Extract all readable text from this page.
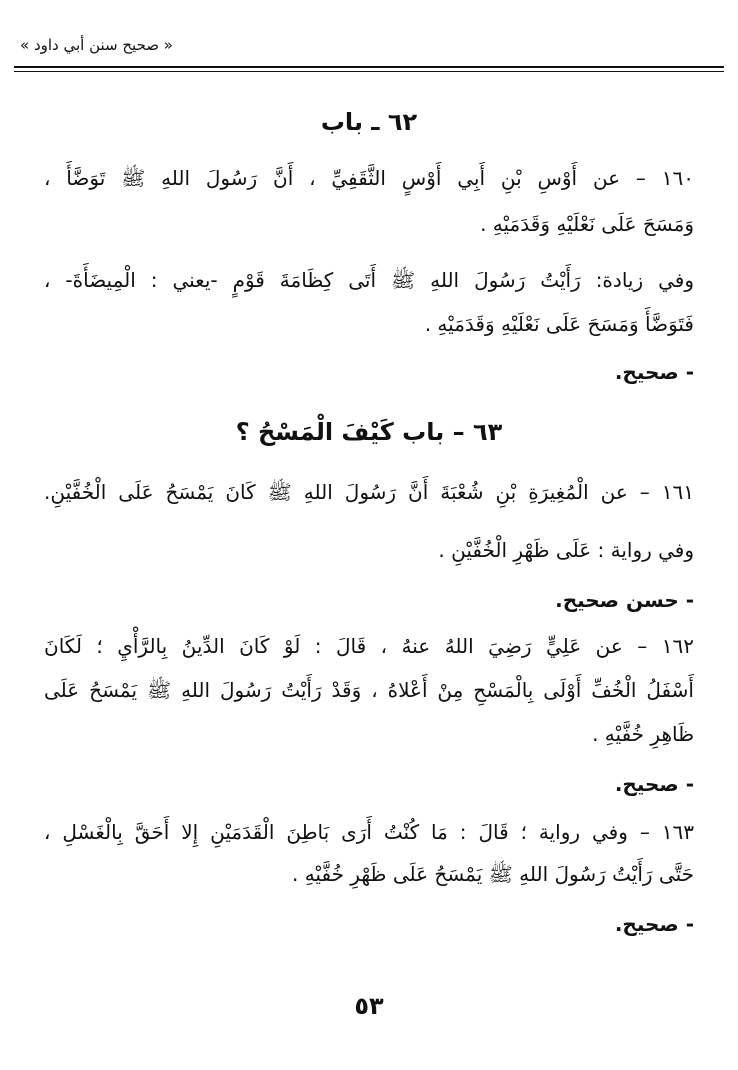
« صحيح سنن أبي داود »
٦٢ ـ باب
١٦٠ – عن أَوْسِ بْنِ أَبِي أَوْسٍ الثَّقَفِيِّ ، أَنَّ رَسُولَ اللهِ ﷺ تَوَضَّأَ ،
وَمَسَحَ عَلَى نَعْلَيْهِ وَقَدَمَيْهِ .
وفي زيادة: رَأَيْتُ رَسُولَ اللهِ ﷺ أَتَى كِظَامَةَ قَوْمٍ -يعني : الْمِيضَأَةَ- ،
فَتَوَضَّأَ وَمَسَحَ عَلَى نَعْلَيْهِ وَقَدَمَيْهِ .
- صحيح.
٦٣ – باب كَيْفَ الْمَسْحُ ؟
١٦١ – عن الْمُغِيرَةِ بْنِ شُعْبَةَ أَنَّ رَسُولَ اللهِ ﷺ كَانَ يَمْسَحُ عَلَى الْخُفَّيْنِ.
وفي رواية : عَلَى ظَهْرِ الْخُفَّيْنِ .
- حسن صحيح.
١٦٢ – عن عَلِيٍّ رَضِيَ اللهُ عنهُ ، قَالَ : لَوْ كَانَ الدِّينُ بِالرَّأْيِ ؛ لَكَانَ
أَسْفَلُ الْخُفِّ أَوْلَى بِالْمَسْحِ مِنْ أَعْلاهُ ، وَقَدْ رَأَيْتُ رَسُولَ اللهِ ﷺ يَمْسَحُ عَلَى
ظَاهِرِ خُفَّيْهِ .
- صحيح.
١٦٣ – وفي رواية ؛ قَالَ : مَا كُنْتُ أَرَى بَاطِنَ الْقَدَمَيْنِ إِلا أَحَقَّ بِالْغَسْلِ ،
حَتَّى رَأَيْتُ رَسُولَ اللهِ ﷺ يَمْسَحُ عَلَى ظَهْرِ خُفَّيْهِ .
- صحيح.
٥٣
